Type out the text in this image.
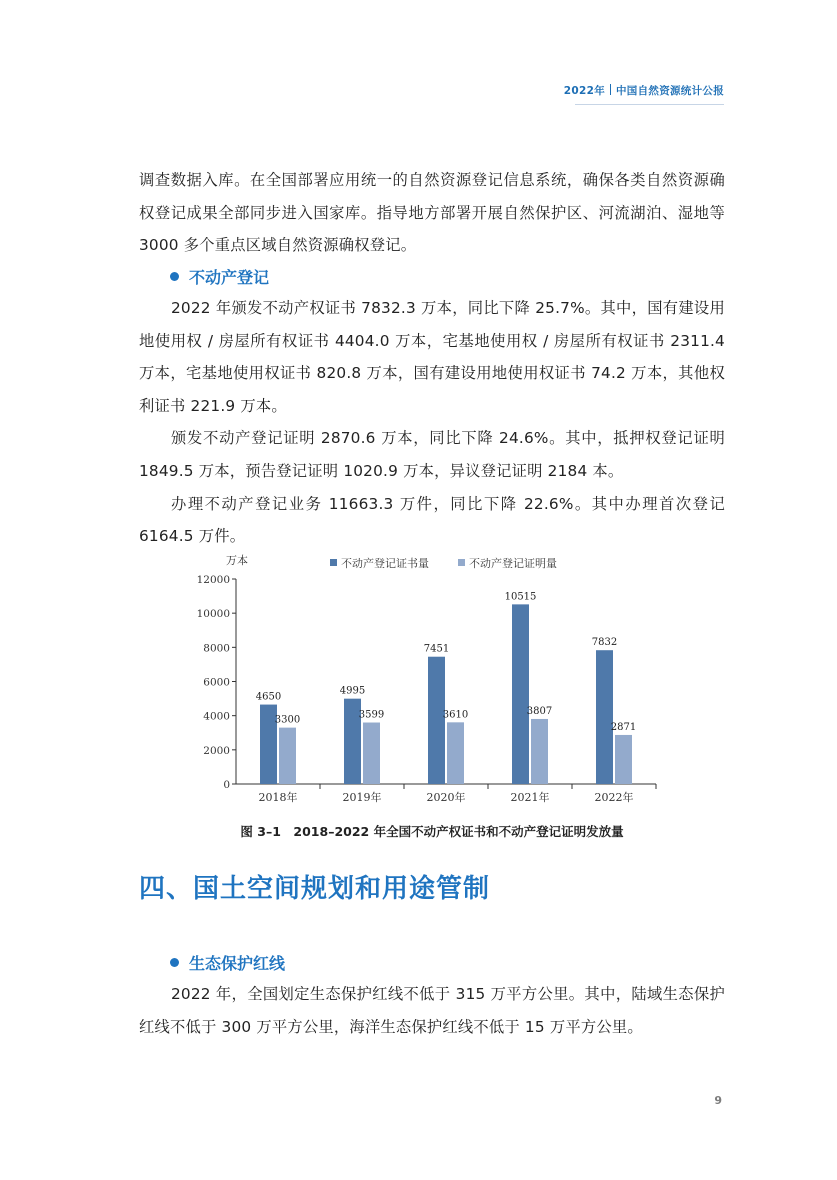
2022年 中国自然资源统计公报

调查数据入库。在全国部署应用统一的自然资源登记信息系统，确保各类自然资源确权登记成果全部同步进入国家库。指导地方部署开展自然保护区、河流湖泊、湿地等 3000 多个重点区域自然资源确权登记。

不动产登记

2022 年颁发不动产权证书 7832.3 万本，同比下降 25.7%。其中，国有建设用地使用权 / 房屋所有权证书 4404.0 万本，宅基地使用权 / 房屋所有权证书 2311.4 万本，宅基地使用权证书 820.8 万本，国有建设用地使用权证书 74.2 万本，其他权利证书 221.9 万本。

颁发不动产登记证明 2870.6 万本，同比下降 24.6%。其中，抵押权登记证明 1849.5 万本，预告登记证明 1020.9 万本，异议登记证明 2184 本。

办理不动产登记业务 11663.3 万件，同比下降 22.6%。其中办理首次登记 6164.5 万件。

万本
0
2000
4000
6000
8000
10000
12000
2018年
4650
3300
2019年
4995
3599
2020年
7451
3610
2021年
10515
3807
2022年
7832
2871
不动产登记证书量	不动产登记证明量
图 3–1　2018–2022 年全国不动产权证书和不动产登记证明发放量
四、国土空间规划和用途管制
生态保护红线

2022 年，全国划定生态保护红线不低于 315 万平方公里。其中，陆域生态保护红线不低于 300 万平方公里，海洋生态保护红线不低于 15 万平方公里。

9
